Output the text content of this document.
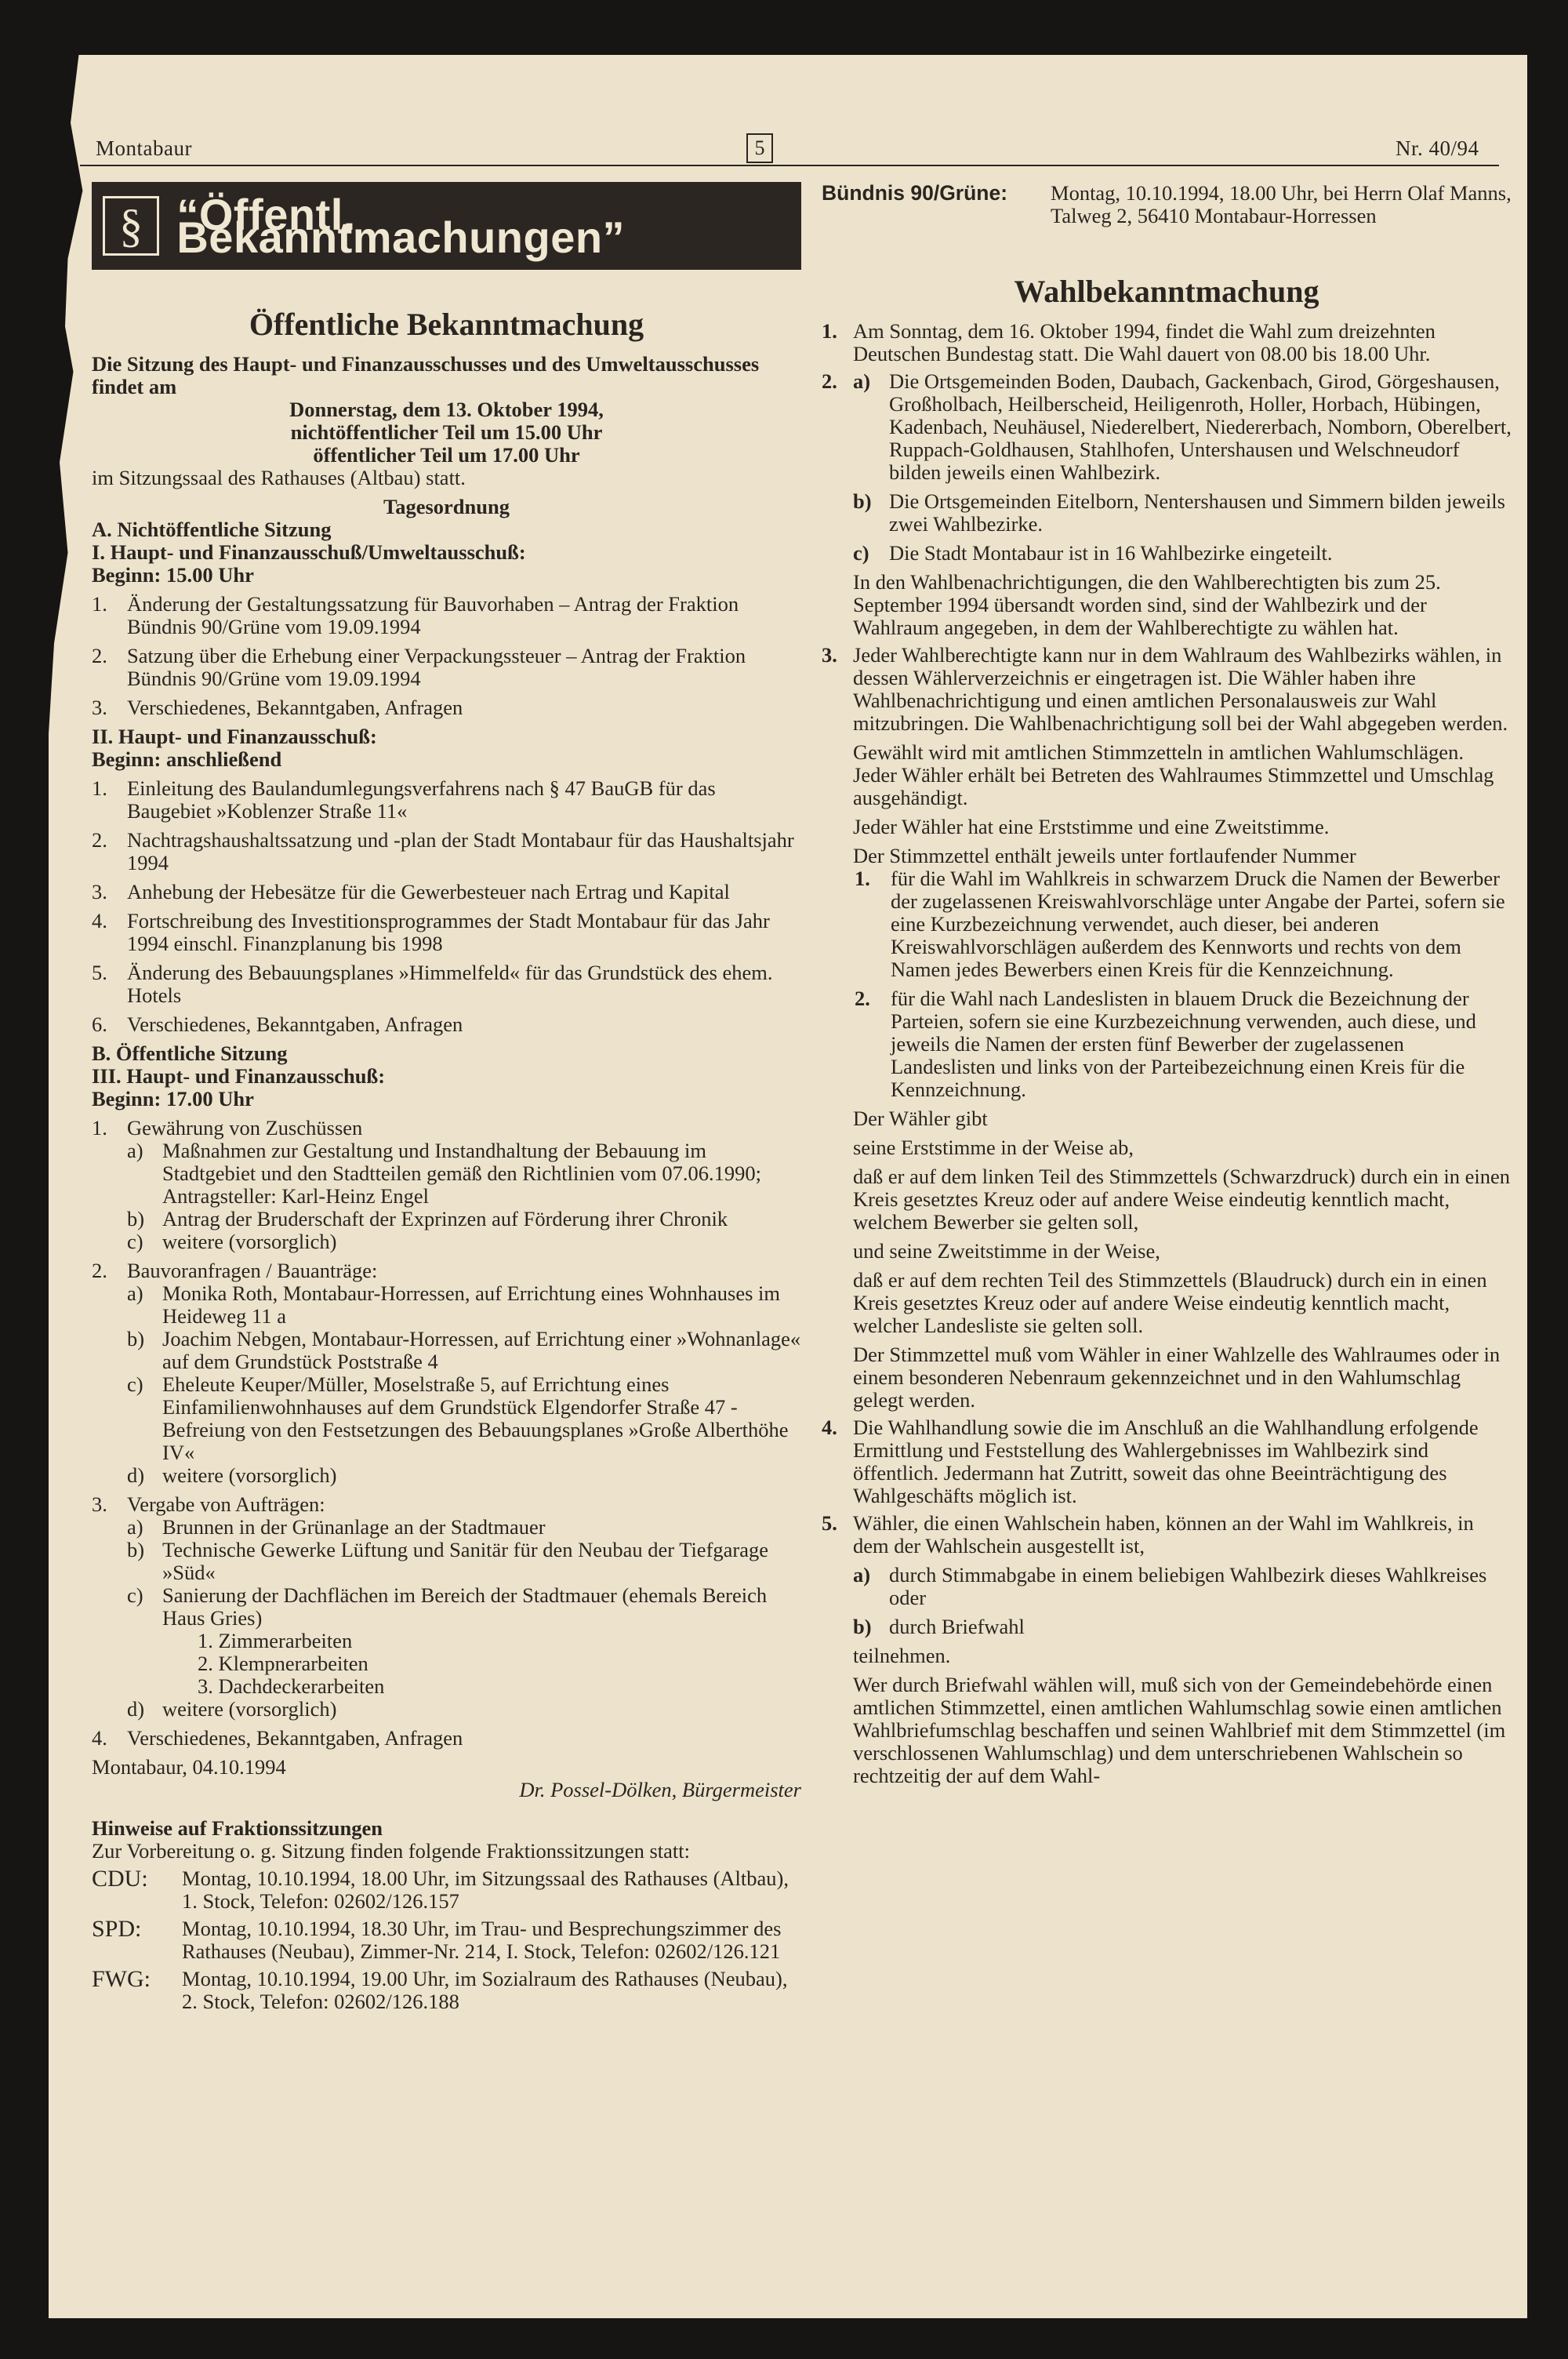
Montabaur	5	Nr. 40/94
§ “Öffentl. Bekanntmachungen”
Öffentliche Bekanntmachung

Die Sitzung des Haupt- und Finanzausschusses und des Umweltausschusses findet am

Donnerstag, dem 13. Oktober 1994,
nichtöffentlicher Teil um 15.00 Uhr
öffentlicher Teil um 17.00 Uhr

im Sitzungssaal des Rathauses (Altbau) statt.

Tagesordnung
A. Nichtöffentliche Sitzung
I. Haupt- und Finanzausschuß/Umweltausschuß:
Beginn: 15.00 Uhr
1. Änderung der Gestaltungssatzung für Bauvorhaben – Antrag der Fraktion Bündnis 90/Grüne vom 19.09.1994
2. Satzung über die Erhebung einer Verpackungssteuer – Antrag der Fraktion Bündnis 90/Grüne vom 19.09.1994
3. Verschiedenes, Bekanntgaben, Anfragen
II. Haupt- und Finanzausschuß:
Beginn: anschließend
1. Einleitung des Baulandumlegungsverfahrens nach § 47 BauGB für das Baugebiet »Koblenzer Straße 11«
2. Nachtragshaushaltssatzung und -plan der Stadt Montabaur für das Haushaltsjahr 1994
3. Anhebung der Hebesätze für die Gewerbesteuer nach Ertrag und Kapital
4. Fortschreibung des Investitionsprogrammes der Stadt Montabaur für das Jahr 1994 einschl. Finanzplanung bis 1998
5. Änderung des Bebauungsplanes »Himmelfeld« für das Grundstück des ehem. Hotels
6. Verschiedenes, Bekanntgaben, Anfragen
B. Öffentliche Sitzung
III. Haupt- und Finanzausschuß:
Beginn: 17.00 Uhr
1. Gewährung von Zuschüssen
a) Maßnahmen zur Gestaltung und Instandhaltung der Bebauung im Stadtgebiet und den Stadtteilen gemäß den Richtlinien vom 07.06.1990; Antragsteller: Karl-Heinz Engel
b) Antrag der Bruderschaft der Exprinzen auf Förderung ihrer Chronik
c) weitere (vorsorglich)
2. Bauvoranfragen / Bauanträge:
a) Monika Roth, Montabaur-Horressen, auf Errichtung eines Wohnhauses im Heideweg 11 a
b) Joachim Nebgen, Montabaur-Horressen, auf Errichtung einer »Wohnanlage« auf dem Grundstück Poststraße 4
c) Eheleute Keuper/Müller, Moselstraße 5, auf Errichtung eines Einfamilienwohnhauses auf dem Grundstück Elgendorfer Straße 47 - Befreiung von den Festsetzungen des Bebauungsplanes »Große Alberthöhe IV«
d) weitere (vorsorglich)
3. Vergabe von Aufträgen:
a) Brunnen in der Grünanlage an der Stadtmauer
b) Technische Gewerke Lüftung und Sanitär für den Neubau der Tiefgarage »Süd«
c) Sanierung der Dachflächen im Bereich der Stadtmauer (ehemals Bereich Haus Gries)
1. Zimmerarbeiten
2. Klempnerarbeiten
3. Dachdeckerarbeiten
d) weitere (vorsorglich)
4. Verschiedenes, Bekanntgaben, Anfragen
Montabaur, 04.10.1994
Dr. Possel-Dölken, Bürgermeister
Hinweise auf Fraktionssitzungen

Zur Vorbereitung o. g. Sitzung finden folgende Fraktionssitzungen statt:

CDU:	Montag, 10.10.1994, 18.00 Uhr, im Sitzungssaal des Rathauses (Altbau), 1. Stock, Telefon: 02602/126.157
SPD:	Montag, 10.10.1994, 18.30 Uhr, im Trau- und Besprechungszimmer des Rathauses (Neubau), Zimmer-Nr. 214, I. Stock, Telefon: 02602/126.121
FWG:	Montag, 10.10.1994, 19.00 Uhr, im Sozialraum des Rathauses (Neubau), 2. Stock, Telefon: 02602/126.188
Bündnis 90/Grüne:	Montag, 10.10.1994, 18.00 Uhr, bei Herrn Olaf Manns, Talweg 2, 56410 Montabaur-Horressen
Wahlbekanntmachung
1. Am Sonntag, dem 16. Oktober 1994, findet die Wahl zum dreizehnten Deutschen Bundestag statt. Die Wahl dauert von 08.00 bis 18.00 Uhr.
2. a) Die Ortsgemeinden Boden, Daubach, Gackenbach, Girod, Görgeshausen, Großholbach, Heilberscheid, Heiligenroth, Holler, Horbach, Hübingen, Kadenbach, Neuhäusel, Niederelbert, Niedererbach, Nomborn, Oberelbert, Ruppach-Goldhausen, Stahlhofen, Untershausen und Welschneudorf bilden jeweils einen Wahlbezirk.
b) Die Ortsgemeinden Eitelborn, Nentershausen und Simmern bilden jeweils zwei Wahlbezirke.
c) Die Stadt Montabaur ist in 16 Wahlbezirke eingeteilt.

In den Wahlbenachrichtigungen, die den Wahlberechtigten bis zum 25. September 1994 übersandt worden sind, sind der Wahlbezirk und der Wahlraum angegeben, in dem der Wahlberechtigte zu wählen hat.

3. Jeder Wahlberechtigte kann nur in dem Wahlraum des Wahlbezirks wählen, in dessen Wählerverzeichnis er eingetragen ist. Die Wähler haben ihre Wahlbenachrichtigung und einen amtlichen Personalausweis zur Wahl mitzubringen. Die Wahlbenachrichtigung soll bei der Wahl abgegeben werden.

Gewählt wird mit amtlichen Stimmzetteln in amtlichen Wahlumschlägen. Jeder Wähler erhält bei Betreten des Wahlraumes Stimmzettel und Umschlag ausgehändigt.

Jeder Wähler hat eine Erststimme und eine Zweitstimme.

Der Stimmzettel enthält jeweils unter fortlaufender Nummer

1. für die Wahl im Wahlkreis in schwarzem Druck die Namen der Bewerber der zugelassenen Kreiswahlvorschläge unter Angabe der Partei, sofern sie eine Kurzbezeichnung verwendet, auch dieser, bei anderen Kreiswahlvorschlägen außerdem des Kennworts und rechts von dem Namen jedes Bewerbers einen Kreis für die Kennzeichnung.
2. für die Wahl nach Landeslisten in blauem Druck die Bezeichnung der Parteien, sofern sie eine Kurzbezeichnung verwenden, auch diese, und jeweils die Namen der ersten fünf Bewerber der zugelassenen Landeslisten und links von der Parteibezeichnung einen Kreis für die Kennzeichnung.

Der Wähler gibt

seine Erststimme in der Weise ab,

daß er auf dem linken Teil des Stimmzettels (Schwarzdruck) durch ein in einen Kreis gesetztes Kreuz oder auf andere Weise eindeutig kenntlich macht, welchem Bewerber sie gelten soll,

und seine Zweitstimme in der Weise,

daß er auf dem rechten Teil des Stimmzettels (Blaudruck) durch ein in einen Kreis gesetztes Kreuz oder auf andere Weise eindeutig kenntlich macht, welcher Landesliste sie gelten soll.

Der Stimmzettel muß vom Wähler in einer Wahlzelle des Wahlraumes oder in einem besonderen Nebenraum gekennzeichnet und in den Wahlumschlag gelegt werden.

4. Die Wahlhandlung sowie die im Anschluß an die Wahlhandlung erfolgende Ermittlung und Feststellung des Wahlergebnisses im Wahlbezirk sind öffentlich. Jedermann hat Zutritt, soweit das ohne Beeinträchtigung des Wahlgeschäfts möglich ist.
5. Wähler, die einen Wahlschein haben, können an der Wahl im Wahlkreis, in dem der Wahlschein ausgestellt ist,

a) durch Stimmabgabe in einem beliebigen Wahlbezirk dieses Wahlkreises oder
b) durch Briefwahl

teilnehmen.

Wer durch Briefwahl wählen will, muß sich von der Gemeindebehörde einen amtlichen Stimmzettel, einen amtlichen Wahlumschlag sowie einen amtlichen Wahlbriefumschlag beschaffen und seinen Wahlbrief mit dem Stimmzettel (im verschlossenen Wahlumschlag) und dem unterschriebenen Wahlschein so rechtzeitig der auf dem Wahl-
